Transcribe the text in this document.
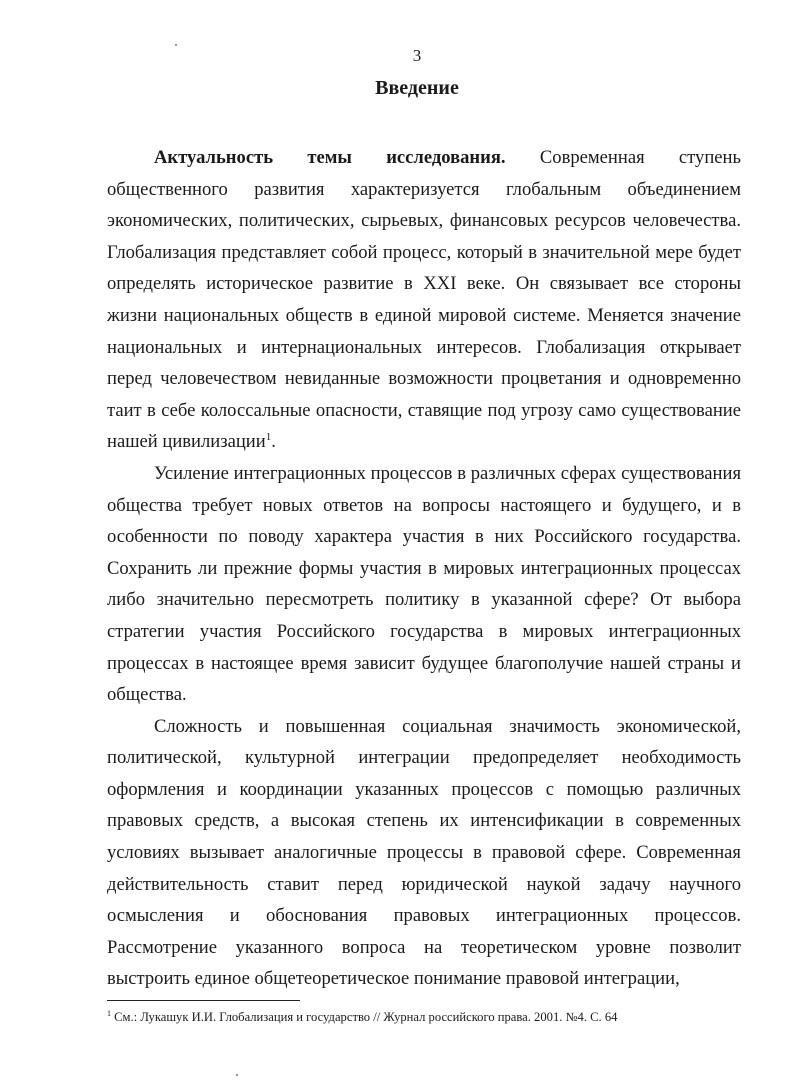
3
Введение

Актуальность темы исследования. Современная ступень общественного развития характеризуется глобальным объединением экономических, политических, сырьевых, финансовых ресурсов человечества. Глобализация представляет собой процесс, который в значительной мере будет определять историческое развитие в XXI веке. Он связывает все стороны жизни национальных обществ в единой мировой системе. Меняется значение национальных и интернациональных интересов. Глобализация открывает перед человечеством невиданные возможности процветания и одновременно таит в себе колоссальные опасности, ставящие под угрозу само существование нашей цивилизации$^1$.

Усиление интеграционных процессов в различных сферах существования общества требует новых ответов на вопросы настоящего и будущего, и в особенности по поводу характера участия в них Российского государства. Сохранить ли прежние формы участия в мировых интеграционных процессах либо значительно пересмотреть политику в указанной сфере? От выбора стратегии участия Российского государства в мировых интеграционных процессах в настоящее время зависит будущее благополучие нашей страны и общества.

Сложность и повышенная социальная значимость экономической, политической, культурной интеграции предопределяет необходимость оформления и координации указанных процессов с помощью различных правовых средств, а высокая степень их интенсификации в современных условиях вызывает аналогичные процессы в правовой сфере. Современная действительность ставит перед юридической наукой задачу научного осмысления и обоснования правовых интеграционных процессов. Рассмотрение указанного вопроса на теоретическом уровне позволит выстроить единое общетеоретическое понимание правовой интеграции,

$^1$ См.: Лукашук И.И. Глобализация и государство // Журнал российского права. 2001. №4. С. 64
